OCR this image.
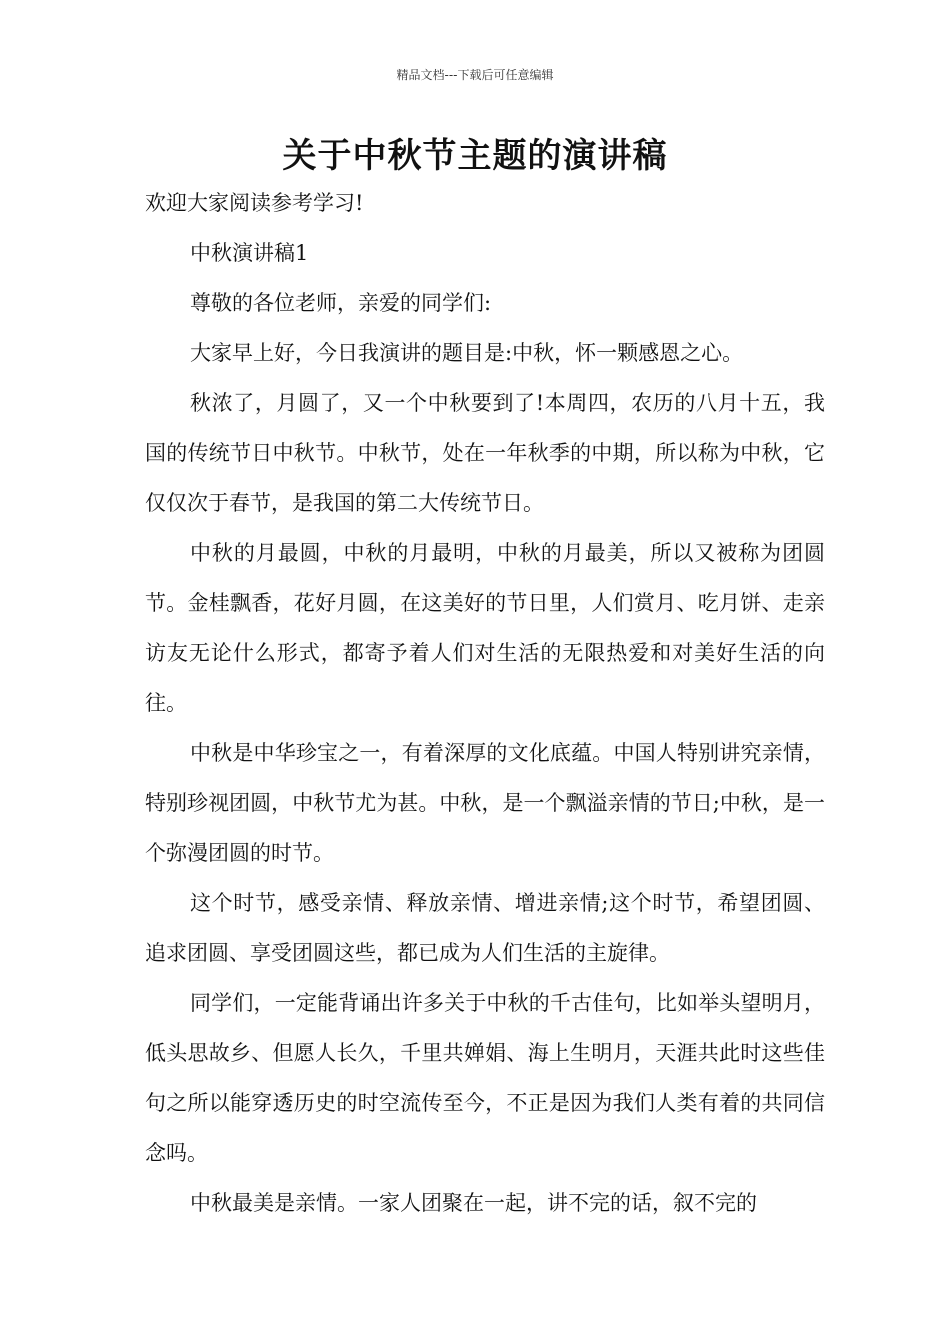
精品文档---下载后可任意编辑
关于中秋节主题的演讲稿

欢迎大家阅读参考学习!

中秋演讲稿1

尊敬的各位老师，亲爱的同学们:

大家早上好，今日我演讲的题目是:中秋，怀一颗感恩之心。

秋浓了，月圆了，又一个中秋要到了!本周四，农历的八月十五，我国的传统节日中秋节。中秋节，处在一年秋季的中期，所以称为中秋，它仅仅次于春节，是我国的第二大传统节日。

中秋的月最圆，中秋的月最明，中秋的月最美，所以又被称为团圆节。金桂飘香，花好月圆，在这美好的节日里，人们赏月、吃月饼、走亲访友无论什么形式，都寄予着人们对生活的无限热爱和对美好生活的向往。

中秋是中华珍宝之一，有着深厚的文化底蕴。中国人特别讲究亲情，特别珍视团圆，中秋节尤为甚。中秋，是一个飘溢亲情的节日;中秋，是一个弥漫团圆的时节。

这个时节，感受亲情、释放亲情、增进亲情;这个时节，希望团圆、追求团圆、享受团圆这些，都已成为人们生活的主旋律。

同学们，一定能背诵出许多关于中秋的千古佳句，比如举头望明月，低头思故乡、但愿人长久，千里共婵娟、海上生明月，天涯共此时这些佳句之所以能穿透历史的时空流传至今，不正是因为我们人类有着的共同信念吗。

中秋最美是亲情。一家人团聚在一起，讲不完的话，叙不完的
